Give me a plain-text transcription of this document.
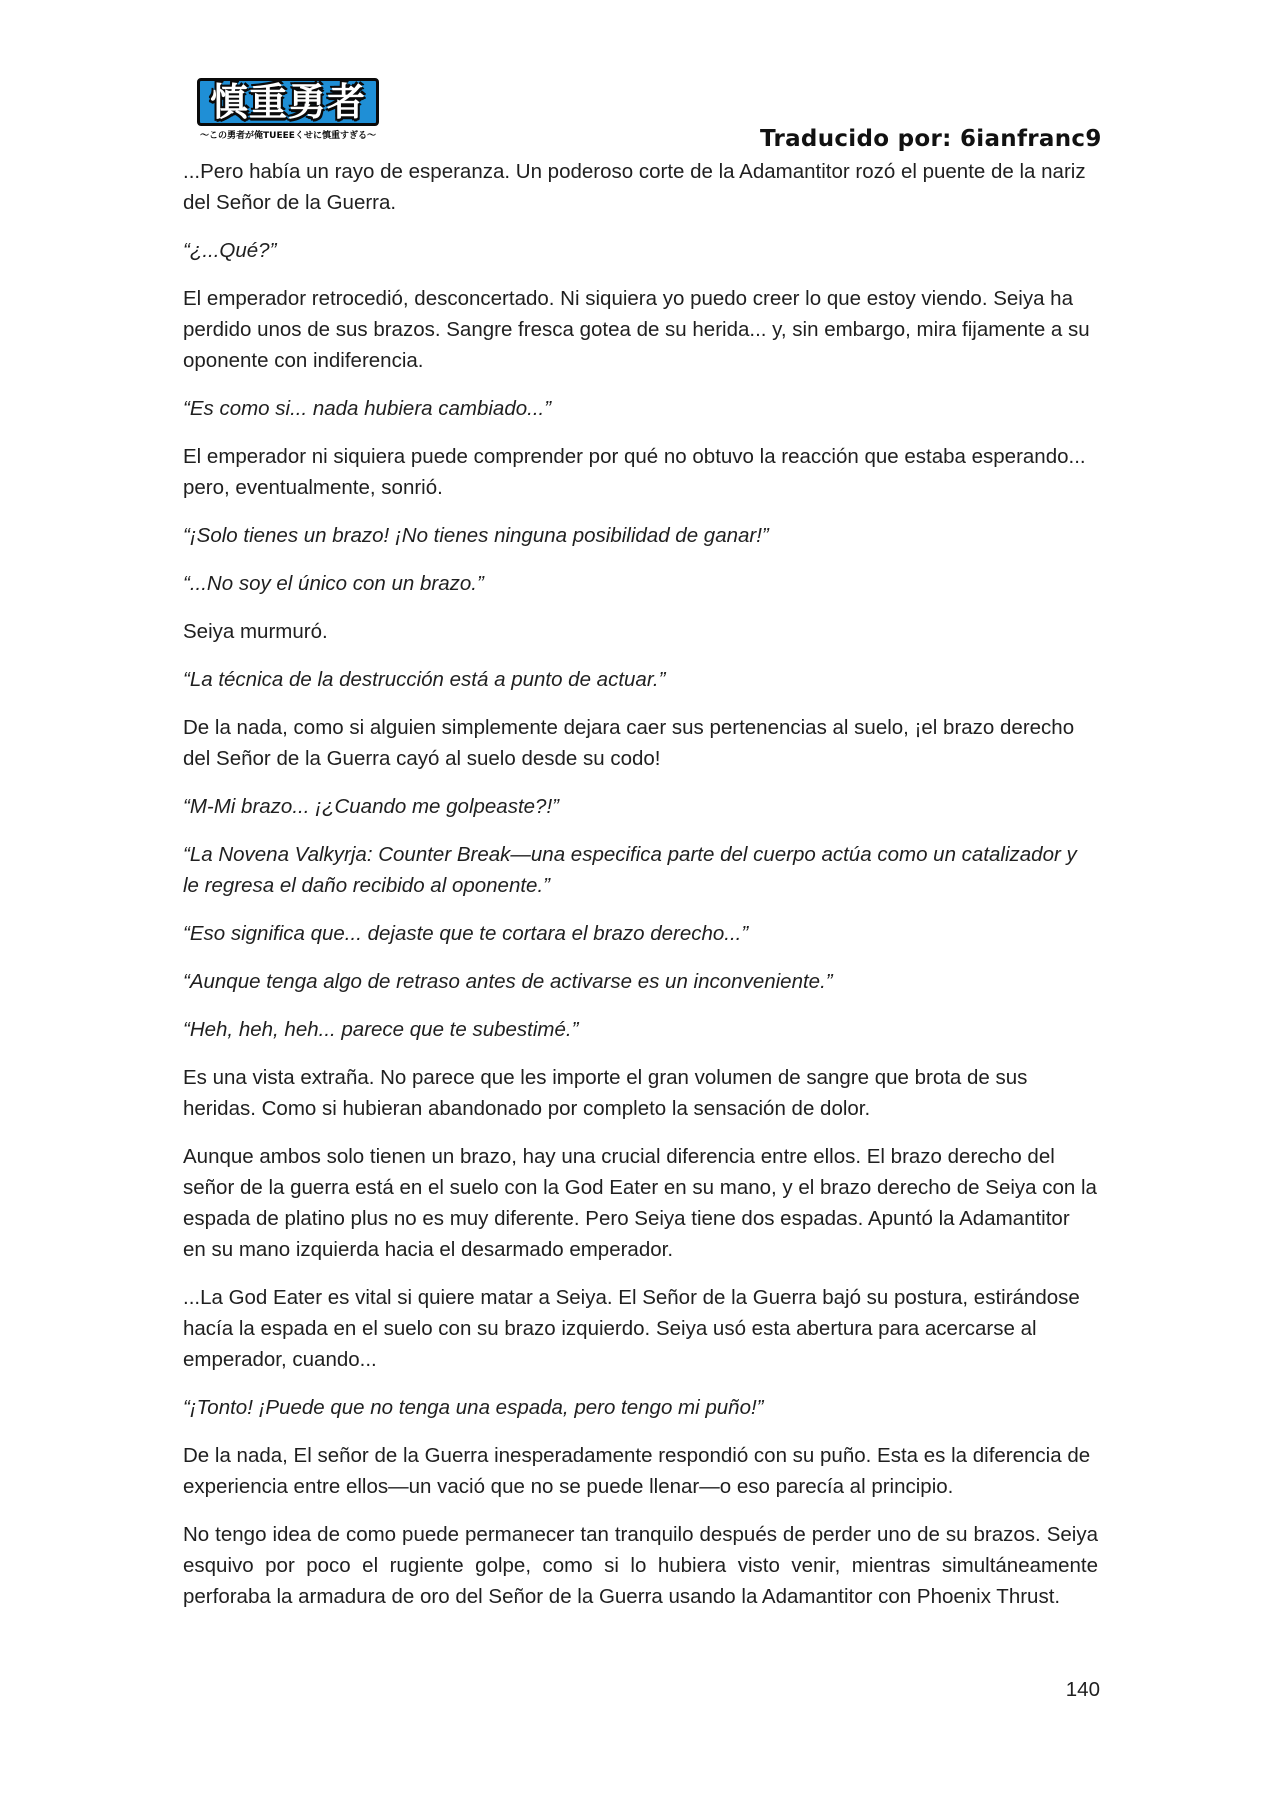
慎重勇者
〜この勇者が俺TUEEEくせに慎重すぎる〜	Traducido por: 6ianfranc9

...Pero había un rayo de esperanza. Un poderoso corte de la Adamantitor rozó el puente de la nariz del Señor de la Guerra.

“¿...Qué?”

El emperador retrocedió, desconcertado. Ni siquiera yo puedo creer lo que estoy viendo. Seiya ha perdido unos de sus brazos. Sangre fresca gotea de su herida... y, sin embargo, mira fijamente a su oponente con indiferencia.

“Es como si... nada hubiera cambiado...”

El emperador ni siquiera puede comprender por qué no obtuvo la reacción que estaba esperando... pero, eventualmente, sonrió.

“¡Solo tienes un brazo! ¡No tienes ninguna posibilidad de ganar!”

“...No soy el único con un brazo.”

Seiya murmuró.

“La técnica de la destrucción está a punto de actuar.”

De la nada, como si alguien simplemente dejara caer sus pertenencias al suelo, ¡el brazo derecho del Señor de la Guerra cayó al suelo desde su codo!

“M-Mi brazo... ¡¿Cuando me golpeaste?!”

“La Novena Valkyrja: Counter Break—una especifica parte del cuerpo actúa como un catalizador y le regresa el daño recibido al oponente.”

“Eso significa que... dejaste que te cortara el brazo derecho...”

“Aunque tenga algo de retraso antes de activarse es un inconveniente.”

“Heh, heh, heh... parece que te subestimé.”

Es una vista extraña. No parece que les importe el gran volumen de sangre que brota de sus heridas. Como si hubieran abandonado por completo la sensación de dolor.

Aunque ambos solo tienen un brazo, hay una crucial diferencia entre ellos. El brazo derecho del señor de la guerra está en el suelo con la God Eater en su mano, y el brazo derecho de Seiya con la espada de platino plus no es muy diferente. Pero Seiya tiene dos espadas. Apuntó la Adamantitor en su mano izquierda hacia el desarmado emperador.

...La God Eater es vital si quiere matar a Seiya. El Señor de la Guerra bajó su postura, estirándose hacía la espada en el suelo con su brazo izquierdo. Seiya usó esta abertura para acercarse al emperador, cuando...

“¡Tonto! ¡Puede que no tenga una espada, pero tengo mi puño!”

De la nada, El señor de la Guerra inesperadamente respondió con su puño. Esta es la diferencia de experiencia entre ellos—un vació que no se puede llenar—o eso parecía al principio.

No tengo idea de como puede permanecer tan tranquilo después de perder uno de su brazos. Seiya esquivo por poco el rugiente golpe, como si lo hubiera visto venir, mientras simultáneamente perforaba la armadura de oro del Señor de la Guerra usando la Adamantitor con Phoenix Thrust.

140
